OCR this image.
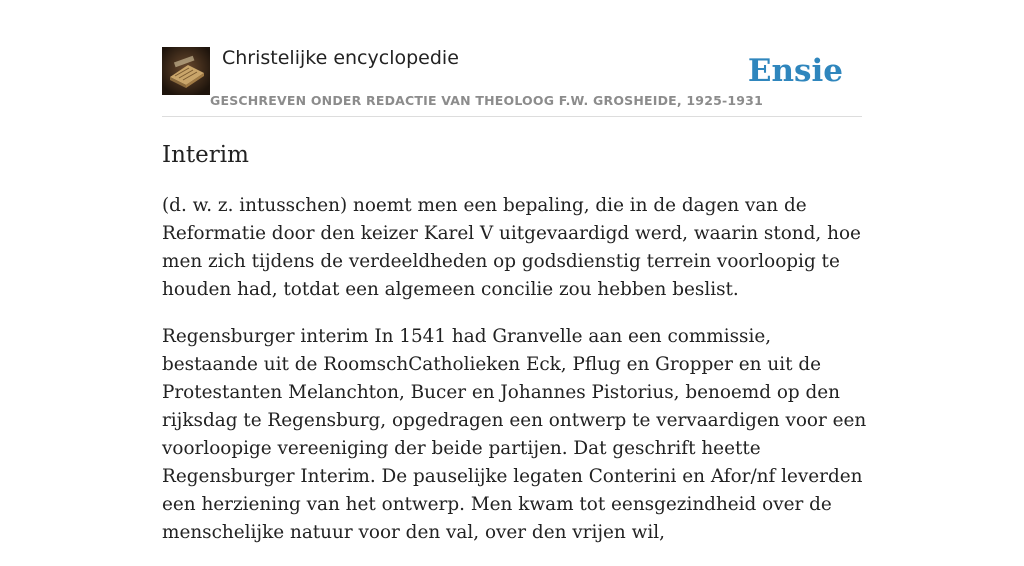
Christelijke encyclopedie
GESCHREVEN ONDER REDACTIE VAN THEOLOOG F.W. GROSHEIDE, 1925-1931
Ensie
Interim

(d. w. z. intusschen) noemt men een bepaling, die in de dagen van de Reformatie door den keizer Karel V uitgevaardigd werd, waarin stond, hoe men zich tijdens de verdeeldheden op godsdienstig terrein voorloopig te houden had, totdat een algemeen concilie zou hebben beslist.

Regensburger interim In 1541 had Granvelle aan een commissie, bestaande uit de RoomschCatholieken Eck, Pflug en Gropper en uit de Protestanten Melanchton, Bucer en Johannes Pistorius, benoemd op den rijksdag te Regensburg, opgedragen een ontwerp te vervaardigen voor een voorloopige vereeniging der beide partijen. Dat geschrift heette Regensburger Interim. De pauselijke legaten Conterini en Afor/nf leverden een herziening van het ontwerp. Men kwam tot eensgezindheid over de menschelijke natuur voor den val, over den vrijen wil,
